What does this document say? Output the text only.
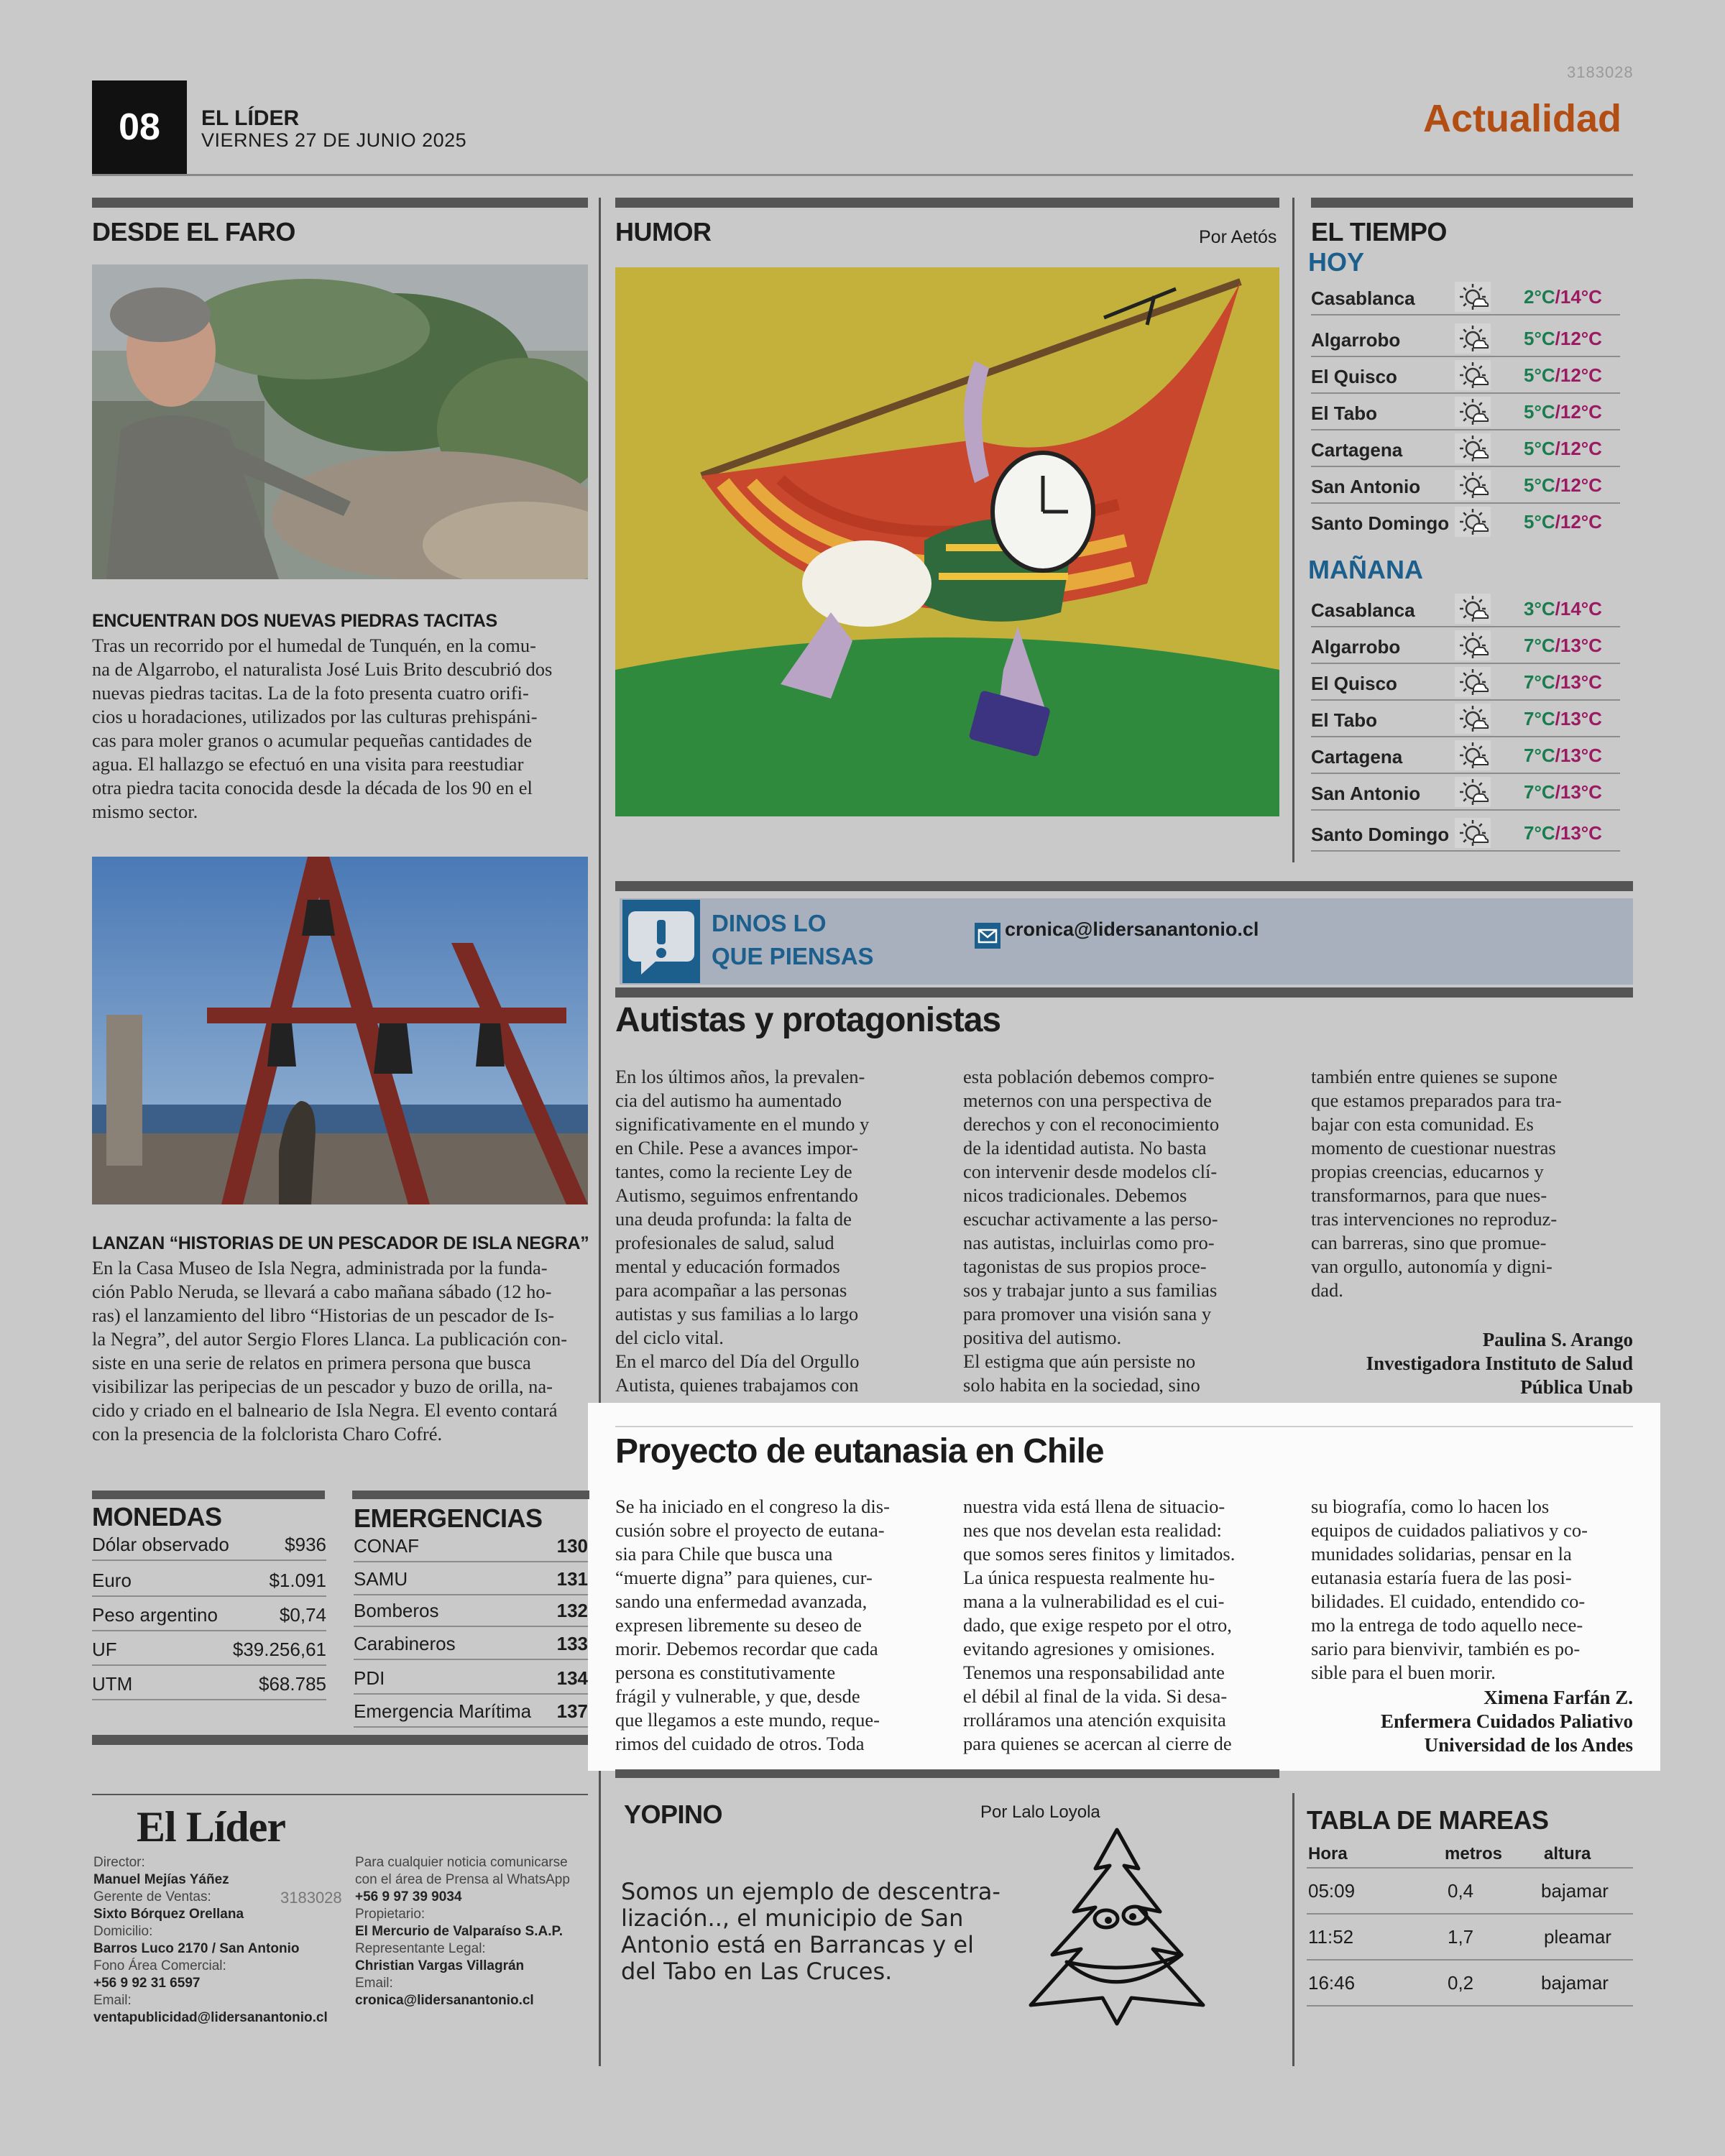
3183028
08	EL LÍDER
VIERNES 27 DE JUNIO 2025	Actualidad
DESDE EL FARO
ENCUENTRAN DOS NUEVAS PIEDRAS TACITAS
Tras un recorrido por el humedal de Tunquén, en la comu-
na de Algarrobo, el naturalista José Luis Brito descubrió dos
nuevas piedras tacitas. La de la foto presenta cuatro orifi-
cios u horadaciones, utilizados por las culturas prehispáni-
cas para moler granos o acumular pequeñas cantidades de
agua. El hallazgo se efectuó en una visita para reestudiar
otra piedra tacita conocida desde la década de los 90 en el
mismo sector.
LANZAN “HISTORIAS DE UN PESCADOR DE ISLA NEGRA”
En la Casa Museo de Isla Negra, administrada por la funda-
ción Pablo Neruda, se llevará a cabo mañana sábado (12 ho-
ras) el lanzamiento del libro “Historias de un pescador de Is-
la Negra”, del autor Sergio Flores Llanca. La publicación con-
siste en una serie de relatos en primera persona que busca
visibilizar las peripecias de un pescador y buzo de orilla, na-
cido y criado en el balneario de Isla Negra. El evento contará
con la presencia de la folclorista Charo Cofré.
HUMOR	Por Aetós EL TIEMPO
HOY
MAÑANA
Casablanca	2°C/14°C
Algarrobo	5°C/12°C
El Quisco	5°C/12°C
El Tabo	5°C/12°C
Cartagena	5°C/12°C
San Antonio	5°C/12°C
Santo Domingo	5°C/12°C
Casablanca	3°C/14°C
Algarrobo	7°C/13°C
El Quisco	7°C/13°C
El Tabo	7°C/13°C
Cartagena	7°C/13°C
San Antonio	7°C/13°C
Santo Domingo	7°C/13°C
DINOS LO
QUE PIENSAS
cronica@lidersanantonio.cl
Autistas y protagonistas
En los últimos años, la prevalen-
cia del autismo ha aumentado
significativamente en el mundo y
en Chile. Pese a avances impor-
tantes, como la reciente Ley de
Autismo, seguimos enfrentando
una deuda profunda: la falta de
profesionales de salud, salud
mental y educación formados
para acompañar a las personas
autistas y sus familias a lo largo
del ciclo vital.
En el marco del Día del Orgullo
Autista, quienes trabajamos con
esta población debemos compro-
meternos con una perspectiva de
derechos y con el reconocimiento
de la identidad autista. No basta
con intervenir desde modelos clí-
nicos tradicionales. Debemos
escuchar activamente a las perso-
nas autistas, incluirlas como pro-
tagonistas de sus propios proce-
sos y trabajar junto a sus familias
para promover una visión sana y
positiva del autismo.
El estigma que aún persiste no
solo habita en la sociedad, sino
también entre quienes se supone
que estamos preparados para tra-
bajar con esta comunidad. Es
momento de cuestionar nuestras
propias creencias, educarnos y
transformarnos, para que nues-
tras intervenciones no reproduz-
can barreras, sino que promue-
van orgullo, autonomía y digni-
dad.
Paulina S. Arango
Investigadora Instituto de Salud
Pública Unab
Proyecto de eutanasia en Chile
Se ha iniciado en el congreso la dis-
cusión sobre el proyecto de eutana-
sia para Chile que busca una
“muerte digna” para quienes, cur-
sando una enfermedad avanzada,
expresen libremente su deseo de
morir. Debemos recordar que cada
persona es constitutivamente
frágil y vulnerable, y que, desde
que llegamos a este mundo, reque-
rimos del cuidado de otros. Toda
nuestra vida está llena de situacio-
nes que nos develan esta realidad:
que somos seres finitos y limitados.
La única respuesta realmente hu-
mana a la vulnerabilidad es el cui-
dado, que exige respeto por el otro,
evitando agresiones y omisiones.
Tenemos una responsabilidad ante
el débil al final de la vida. Si desa-
rrolláramos una atención exquisita
para quienes se acercan al cierre de
su biografía, como lo hacen los
equipos de cuidados paliativos y co-
munidades solidarias, pensar en la
eutanasia estaría fuera de las posi-
bilidades. El cuidado, entendido co-
mo la entrega de todo aquello nece-
sario para bienvivir, también es po-
sible para el buen morir.
Ximena Farfán Z.
Enfermera Cuidados Paliativo
Universidad de los Andes
MONEDAS
Dólar observado	$936
Euro	$1.091
Peso argentino	$0,74
UF	$39.256,61
UTM	$68.785
EMERGENCIAS
CONAF	130
SAMU	131
Bomberos	132
Carabineros	133
PDI	134
Emergencia Marítima 137
El Líder
3183028
Director:
Manuel Mejías Yáñez
Gerente de Ventas:
Sixto Bórquez Orellana
Domicilio:
Barros Luco 2170 / San Antonio
Fono Área Comercial:
+56 9 92 31 6597
Email:
ventapublicidad@lidersanantonio.cl
Para cualquier noticia comunicarse
con el área de Prensa al WhatsApp
+56 9 97 39 9034
Propietario:
El Mercurio de Valparaíso S.A.P.
Representante Legal:
Christian Vargas Villagrán
Email:
cronica@lidersanantonio.cl
YOPINO	Por Lalo Loyola
Somos un ejemplo de descentra-
lización.., el municipio de San
Antonio está en Barrancas y el
del Tabo en Las Cruces.
TABLA DE MAREAS
Hora	metros altura
05:09	0,4	bajamar
11:52	1,7	pleamar
16:46	0,2	bajamar
